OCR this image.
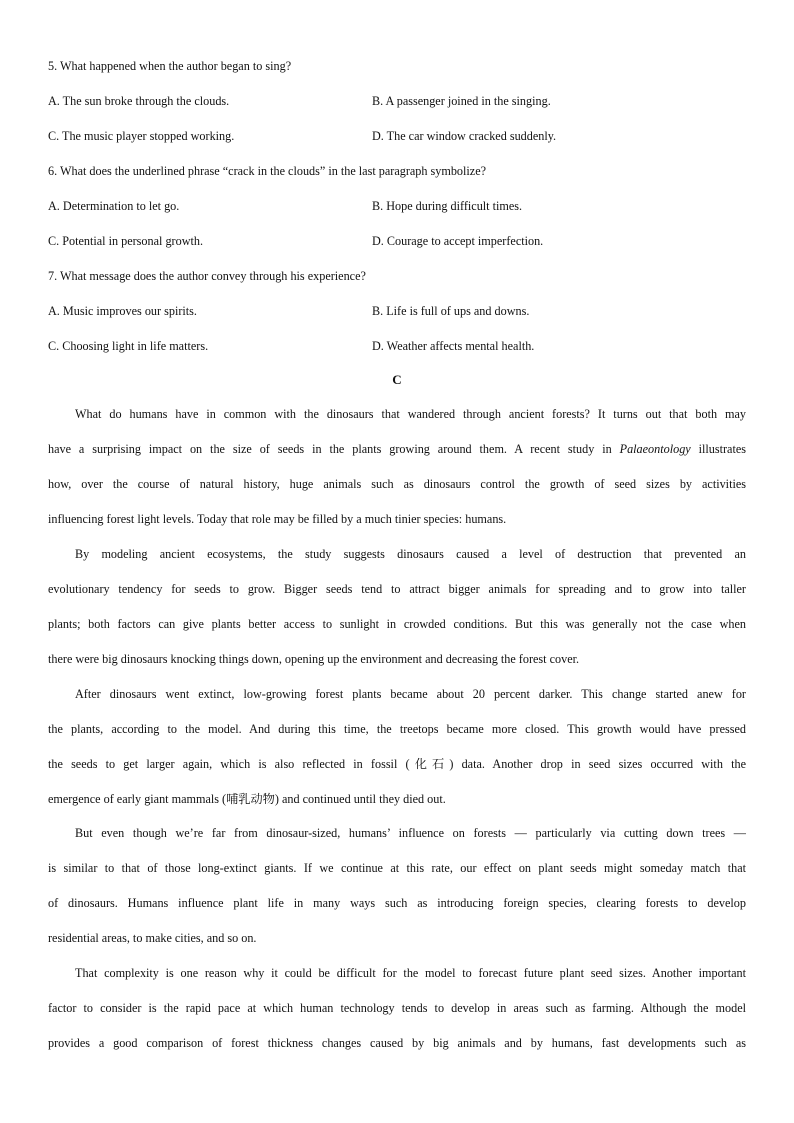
5. What happened when the author began to sing?
A. The sun broke through the clouds.	B. A passenger joined in the singing.
C. The music player stopped working.	D. The car window cracked suddenly.
6. What does the underlined phrase “crack in the clouds” in the last paragraph symbolize?
A. Determination to let go.	B. Hope during difficult times.
C. Potential in personal growth.	D. Courage to accept imperfection.
7. What message does the author convey through his experience?
A. Music improves our spirits.	B. Life is full of ups and downs.
C. Choosing light in life matters.	D. Weather affects mental health.
C
What do humans have in common with the dinosaurs that wandered through ancient forests? It turns out that both may
have a surprising impact on the size of seeds in the plants growing around them. A recent study in Palaeontology illustrates
how, over the course of natural history, huge animals such as dinosaurs control the growth of seed sizes by activities
influencing forest light levels. Today that role may be filled by a much tinier species: humans.
By modeling ancient ecosystems, the study suggests dinosaurs caused a level of destruction that prevented an
evolutionary tendency for seeds to grow. Bigger seeds tend to attract bigger animals for spreading and to grow into taller
plants; both factors can give plants better access to sunlight in crowded conditions. But this was generally not the case when
there were big dinosaurs knocking things down, opening up the environment and decreasing the forest cover.
After dinosaurs went extinct, low-growing forest plants became about 20 percent darker. This change started anew for
the plants, according to the model. And during this time, the treetops became more closed. This growth would have pressed
the seeds to get larger again, which is also reflected in fossil (化石) data. Another drop in seed sizes occurred with the
emergence of early giant mammals (哺乳动物) and continued until they died out.
But even though we’re far from dinosaur-sized, humans’ influence on forests — particularly via cutting down trees —
is similar to that of those long-extinct giants. If we continue at this rate, our effect on plant seeds might someday match that
of dinosaurs. Humans influence plant life in many ways such as introducing foreign species, clearing forests to develop
residential areas, to make cities, and so on.
That complexity is one reason why it could be difficult for the model to forecast future plant seed sizes. Another important
factor to consider is the rapid pace at which human technology tends to develop in areas such as farming. Although the model
provides a good comparison of forest thickness changes caused by big animals and by humans, fast developments such as
